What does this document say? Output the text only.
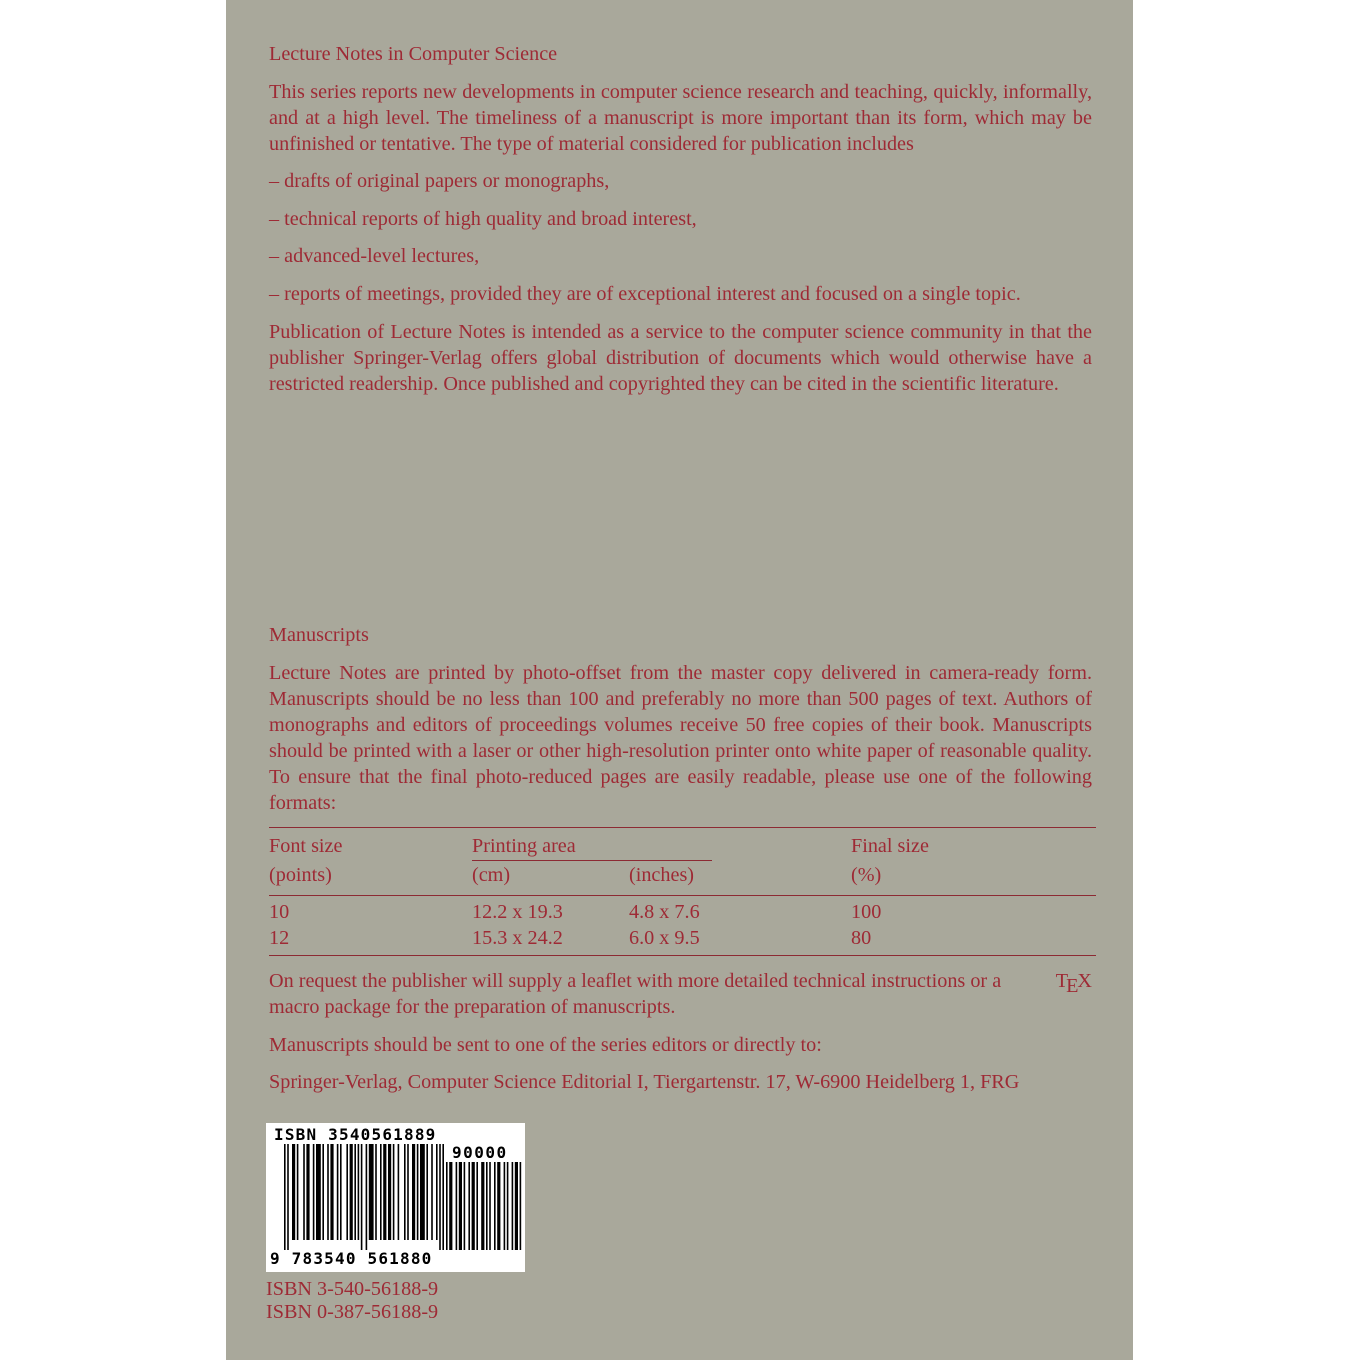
Lecture Notes in Computer Science
This series reports new developments in computer science research and teaching, quickly, informally, and at a high level. The timeliness of a manuscript is more important than its form, which may be unfinished or tentative. The type of material considered for publication includes
– drafts of original papers or monographs,
– technical reports of high quality and broad interest,
– advanced-level lectures,
– reports of meetings, provided they are of exceptional interest and focused on a single topic.
Publication of Lecture Notes is intended as a service to the computer science community in that the publisher Springer-Verlag offers global distribution of documents which would otherwise have a restricted readership. Once published and copyrighted they can be cited in the scientific literature.
Manuscripts
Lecture Notes are printed by photo-offset from the master copy delivered in camera-ready form. Manuscripts should be no less than 100 and preferably no more than 500 pages of text. Authors of monographs and editors of proceedings volumes receive 50 free copies of their book. Manuscripts should be printed with a laser or other high-resolution printer onto white paper of reasonable quality. To ensure that the final photo-reduced pages are easily readable, please use one of the following formats:
Font size	Printing area	Final size
(points)	(cm)	(inches)	(%)
10	12.2 x 19.3	4.8 x 7.6	100
12	15.3 x 24.2	6.0 x 9.5	80
On request the publisher will supply a leaflet with more detailed technical instructions or a	TEX
macro package for the preparation of manuscripts.
Manuscripts should be sent to one of the series editors or directly to:
Springer-Verlag, Computer Science Editorial I, Tiergartenstr. 17, W-6900 Heidelberg 1, FRG
ISBN 3540561889
90000
9 783540 561880
ISBN 3-540-56188-9
ISBN 0-387-56188-9
